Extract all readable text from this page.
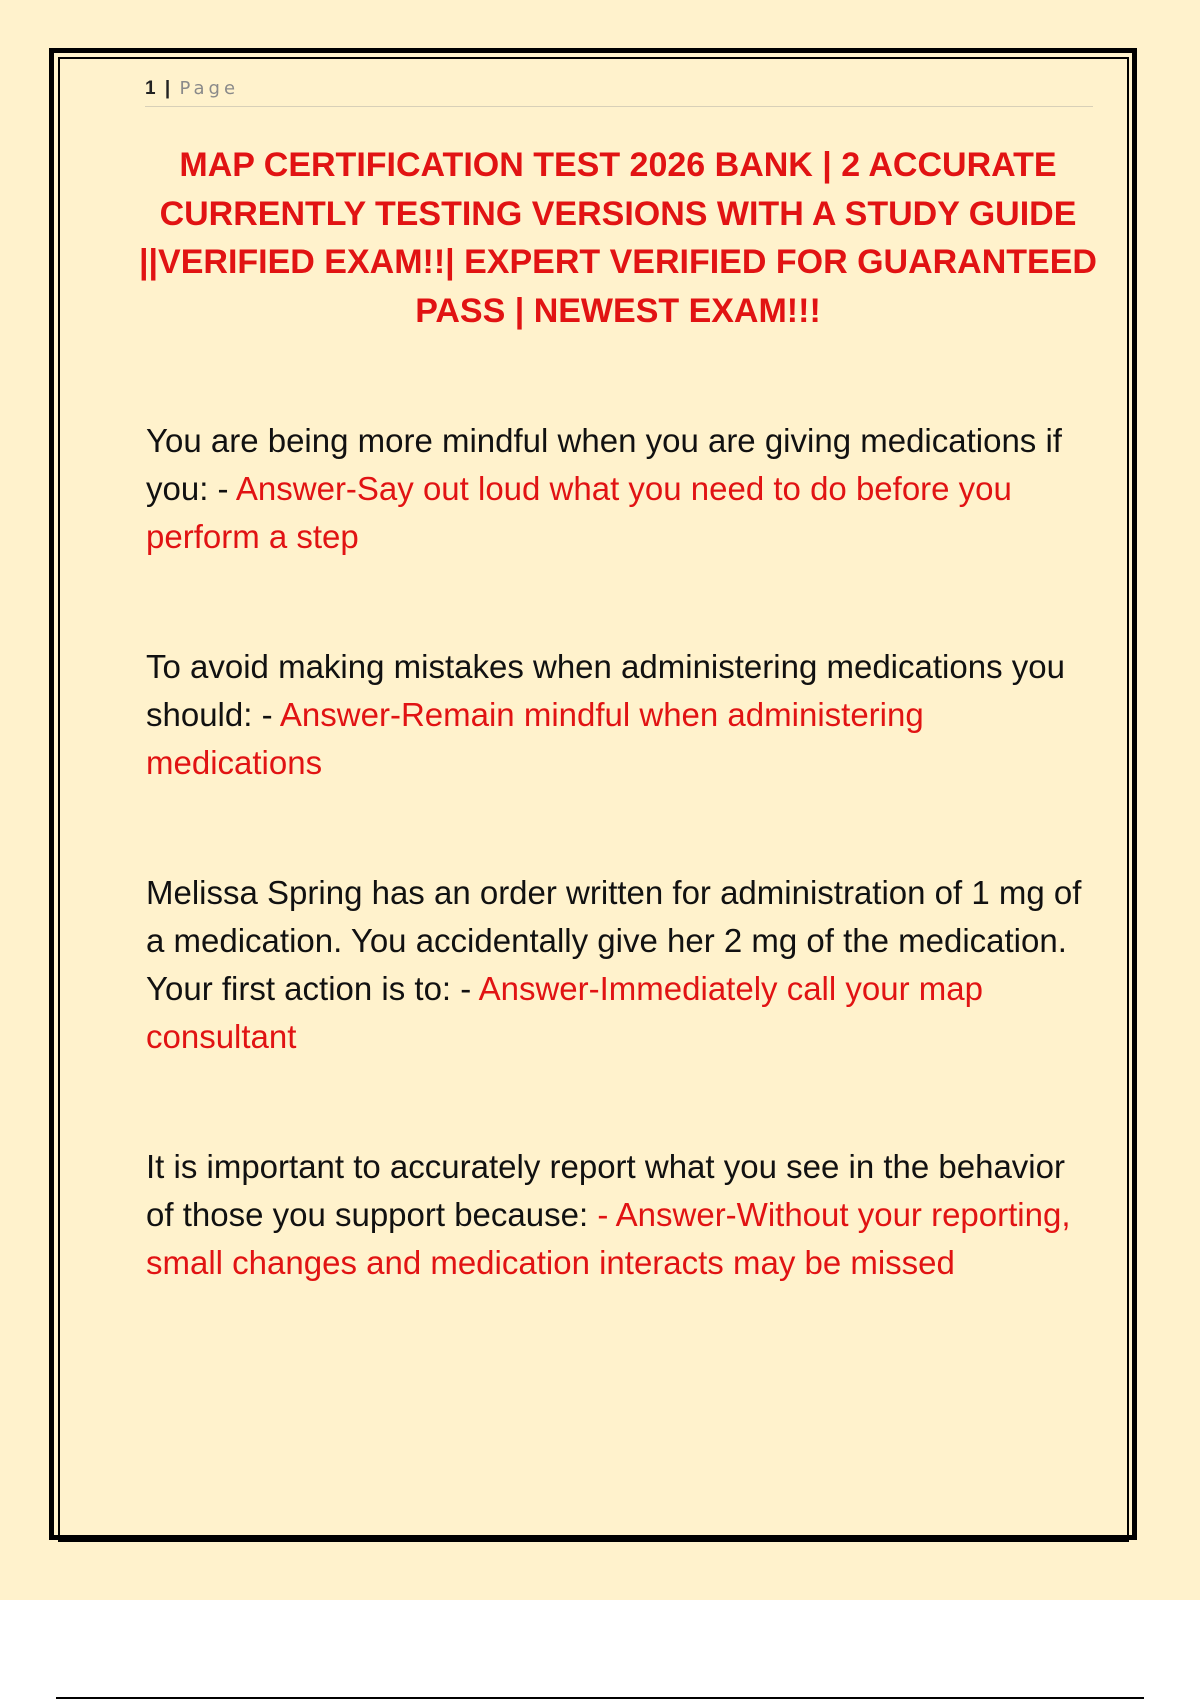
1 | Page
MAP CERTIFICATION TEST 2026 BANK | 2 ACCURATE CURRENTLY TESTING VERSIONS WITH A STUDY GUIDE ||VERIFIED EXAM!!| EXPERT VERIFIED FOR GUARANTEED PASS | NEWEST EXAM!!!

You are being more mindful when you are giving medications if you: - Answer-Say out loud what you need to do before you perform a step

To avoid making mistakes when administering medications you should: - Answer-Remain mindful when administering medications

Melissa Spring has an order written for administration of 1 mg of a medication. You accidentally give her 2 mg of the medication. Your first action is to: - Answer-Immediately call your map consultant

It is important to accurately report what you see in the behavior of those you support because: - Answer-Without your reporting, small changes and medication interacts may be missed
